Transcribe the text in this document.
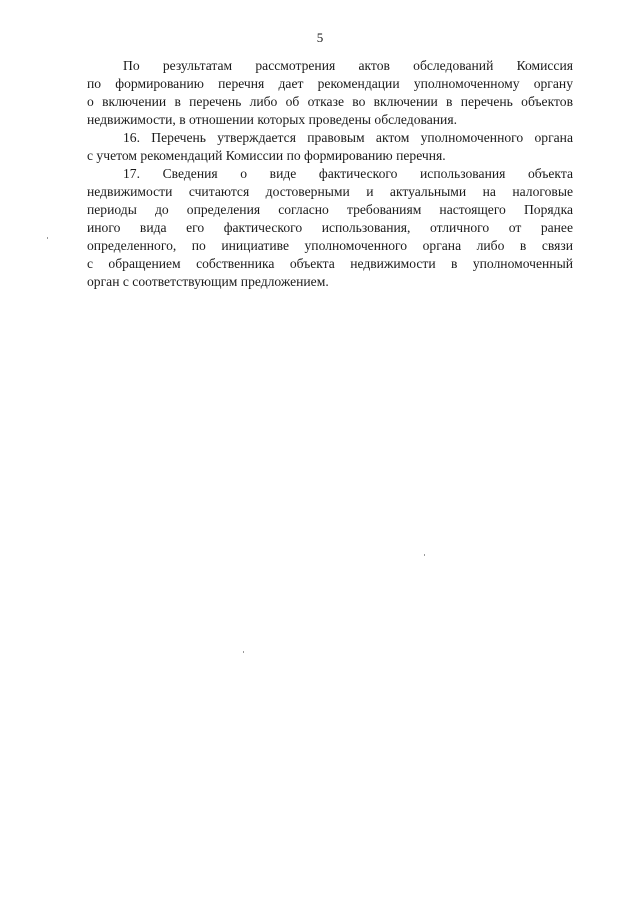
5
По результатам рассмотрения актов обследований Комиссия
по формированию перечня дает рекомендации уполномоченному органу
о включении в перечень либо об отказе во включении в перечень объектов
недвижимости, в отношении которых проведены обследования.
16. Перечень утверждается правовым актом уполномоченного органа
с учетом рекомендаций Комиссии по формированию перечня.
17. Сведения о виде фактического использования объекта
недвижимости считаются достоверными и актуальными на налоговые
периоды до определения согласно требованиям настоящего Порядка
иного вида его фактического использования, отличного от ранее
определенного, по инициативе уполномоченного органа либо в связи
с обращением собственника объекта недвижимости в уполномоченный
орган с соответствующим предложением.
